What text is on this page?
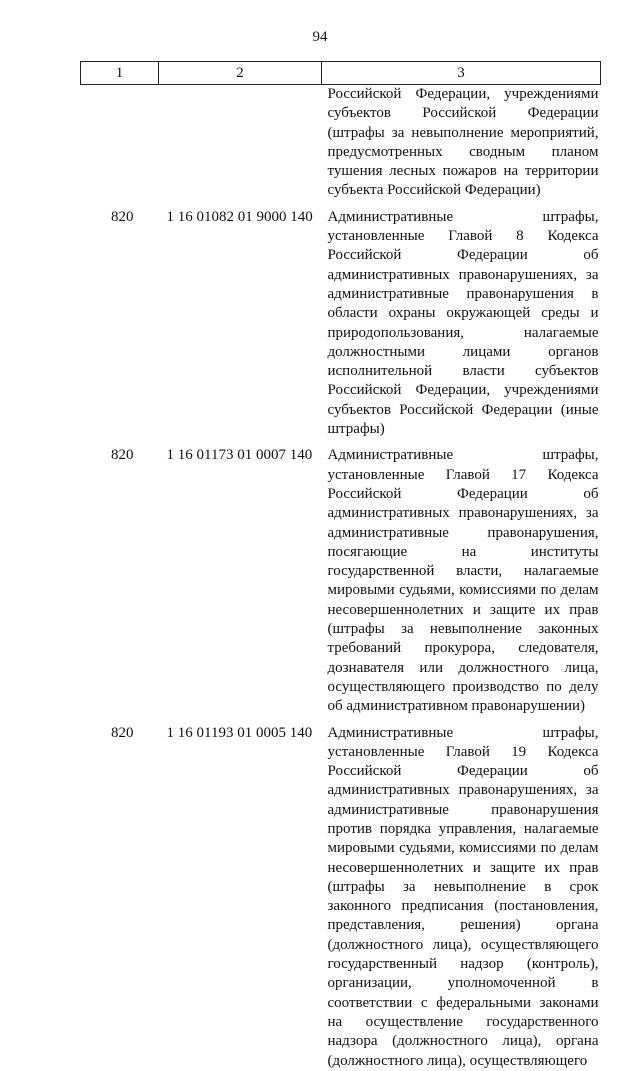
94
1	2	3
		Российской Федерации, учреждениями субъектов Российской Федерации (штрафы за невыполнение мероприятий, предусмотренных сводным планом тушения лесных пожаров на территории субъекта Российской Федерации)
820	1 16 01082 01 9000 140	Административные штрафы, установленные Главой 8 Кодекса Российской Федерации об административных правонарушениях, за административные правонарушения в области охраны окружающей среды и природопользования, налагаемые должностными лицами органов исполнительной власти субъектов Российской Федерации, учреждениями субъектов Российской Федерации (иные штрафы)
820	1 16 01173 01 0007 140	Административные штрафы, установленные Главой 17 Кодекса Российской Федерации об административных правонарушениях, за административные правонарушения, посягающие на институты государственной власти, налагаемые мировыми судьями, комиссиями по делам несовершеннолетних и защите их прав (штрафы за невыполнение законных требований прокурора, следователя, дознавателя или должностного лица, осуществляющего производство по делу об административном правонарушении)
820	1 16 01193 01 0005 140	Административные штрафы, установленные Главой 19 Кодекса Российской Федерации об административных правонарушениях, за административные правонарушения против порядка управления, налагаемые мировыми судьями, комиссиями по делам несовершеннолетних и защите их прав (штрафы за невыполнение в срок законного предписания (постановления, представления, решения) органа (должностного лица), осуществляющего государственный надзор (контроль), организации, уполномоченной в соответствии с федеральными законами на осуществление государственного надзора (должностного лица), органа (должностного лица), осуществляющего
